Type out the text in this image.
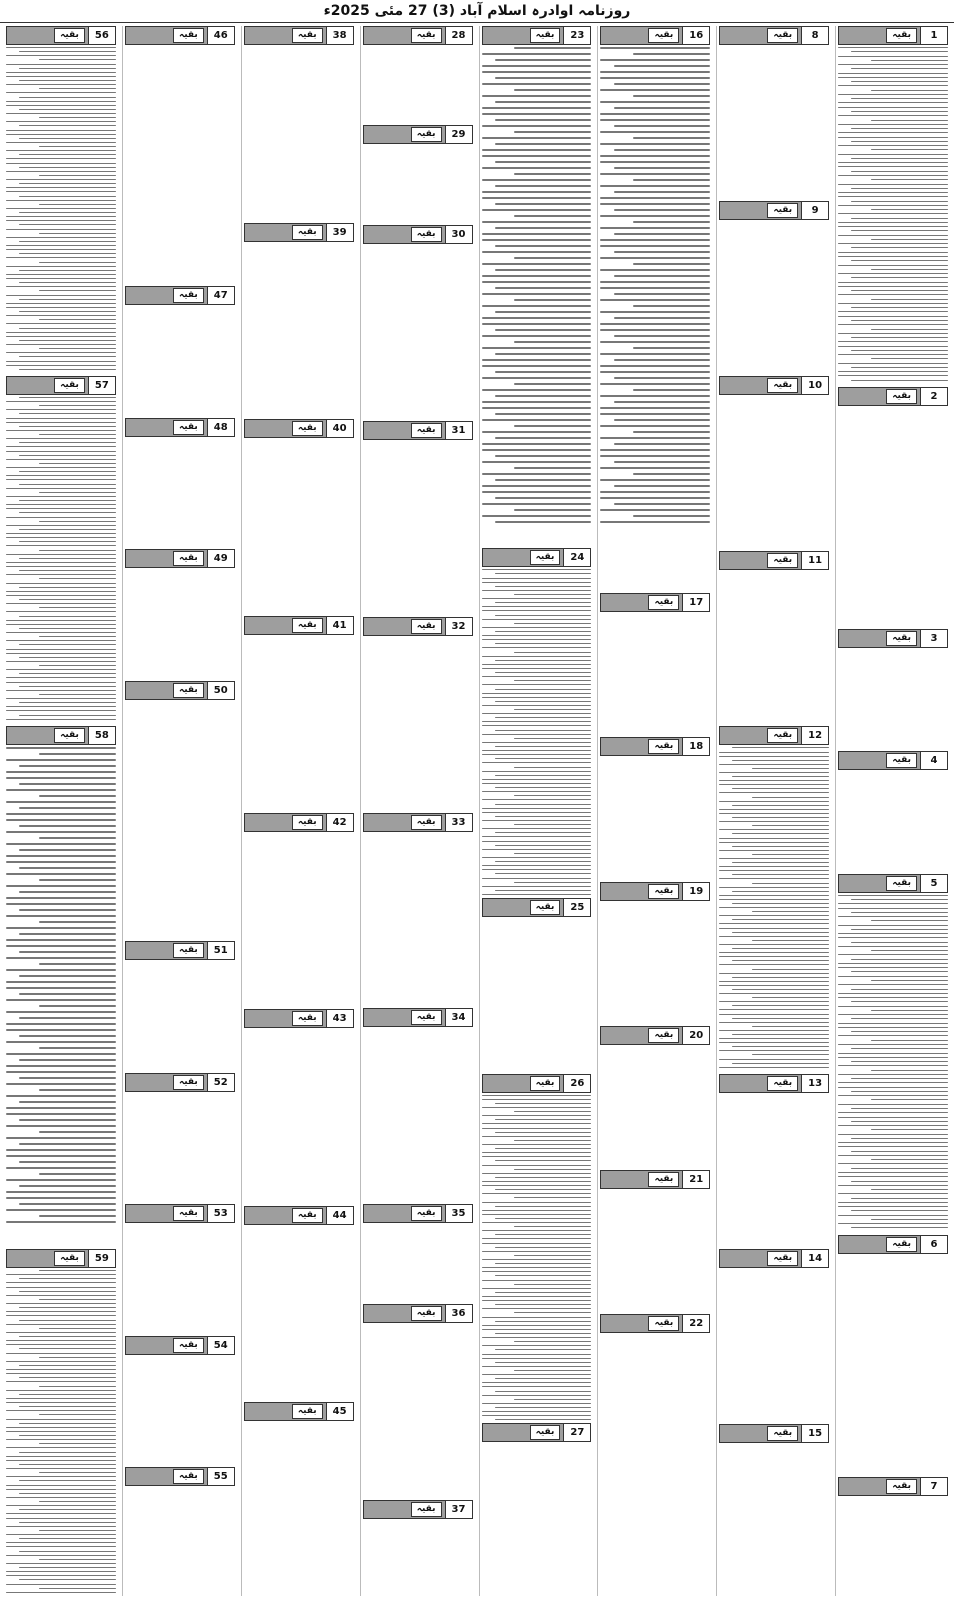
روزنامہ اوادرہ اسلام آباد (3) 27 مئی 2025ء
1
بقیہ
2
بقیہ
3
بقیہ
4
بقیہ
5
بقیہ
6
بقیہ
7
بقیہ
8
بقیہ
9
بقیہ
10
بقیہ
11
بقیہ
12
بقیہ
13
بقیہ
14
بقیہ
15
بقیہ
16
بقیہ
17
بقیہ
18
بقیہ
19
بقیہ
20
بقیہ
21
بقیہ
22
بقیہ
23
بقیہ
24
بقیہ
25
بقیہ
26
بقیہ
27
بقیہ
28
بقیہ
29
بقیہ
30
بقیہ
31
بقیہ
32
بقیہ
33
بقیہ
34
بقیہ
35
بقیہ
36
بقیہ
37
بقیہ
38
بقیہ
39
بقیہ
40
بقیہ
41
بقیہ
42
بقیہ
43
بقیہ
44
بقیہ
45
بقیہ
46
بقیہ
47
بقیہ
48
بقیہ
49
بقیہ
50
بقیہ
51
بقیہ
52
بقیہ
53
بقیہ
54
بقیہ
55
بقیہ
56
بقیہ
57
بقیہ
58
بقیہ
59
بقیہ
